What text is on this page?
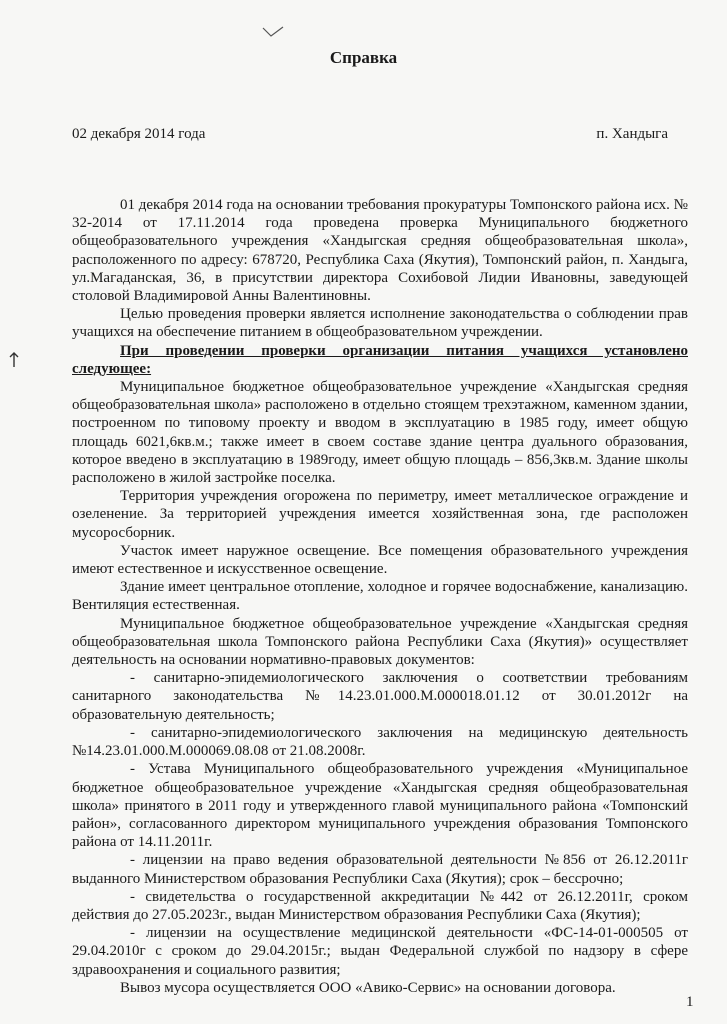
Справка
02 декабря 2014 года	п. Хандыга

01 декабря 2014 года на основании требования прокуратуры Томпонского района исх. № 32-2014 от 17.11.2014 года проведена проверка Муниципального бюджетного общеобразовательного учреждения «Хандыгская средняя общеобразовательная школа», расположенного по адресу: 678720, Республика Саха (Якутия), Томпонский район, п. Хандыга, ул.Магаданская, 36, в присутствии директора Сохибовой Лидии Ивановны, заведующей столовой Владимировой Анны Валентиновны.

Целью проведения проверки является исполнение законодательства о соблюдении прав учащихся на обеспечение питанием в общеобразовательном учреждении.

При проведении проверки организации питания учащихся установлено следующее:

Муниципальное бюджетное общеобразовательное учреждение «Хандыгская средняя общеобразовательная школа» расположено в отдельно стоящем трехэтажном, каменном здании, построенном по типовому проекту и вводом в эксплуатацию в 1985 году, имеет общую площадь 6021,6кв.м.; также имеет в своем составе здание центра дуального образования, которое введено в эксплуатацию в 1989году, имеет общую площадь – 856,3кв.м. Здание школы расположено в жилой застройке поселка.

Территория учреждения огорожена по периметру, имеет металлическое ограждение и озеленение. За территорией учреждения имеется хозяйственная зона, где расположен мусоросборник.

Участок имеет наружное освещение. Все помещения образовательного учреждения имеют естественное и искусственное освещение.

Здание имеет центральное отопление, холодное и горячее водоснабжение, канализацию. Вентиляция естественная.

Муниципальное бюджетное общеобразовательное учреждение «Хандыгская средняя общеобразовательная школа Томпонского района Республики Саха (Якутия)» осуществляет деятельность на основании нормативно-правовых документов:

- санитарно-эпидемиологического заключения о соответствии требованиям санитарного законодательства №14.23.01.000.М.000018.01.12 от 30.01.2012г на образовательную деятельность;

- санитарно-эпидемиологического заключения на медицинскую деятельность №14.23.01.000.М.000069.08.08 от 21.08.2008г.

- Устава Муниципального общеобразовательного учреждения «Муниципальное бюджетное общеобразовательное учреждение «Хандыгская средняя общеобразовательная школа» принятого в 2011 году и утвержденного главой муниципального района «Томпонский район», согласованного директором муниципального учреждения образования Томпонского района от 14.11.2011г.

- лицензии на право ведения образовательной деятельности №856 от 26.12.2011г выданного Министерством образования Республики Саха (Якутия); срок – бессрочно;

- свидетельства о государственной аккредитации №442 от 26.12.2011г, сроком действия до 27.05.2023г., выдан Министерством образования Республики Саха (Якутия);

- лицензии на осуществление медицинской деятельности «ФС-14-01-000505 от 29.04.2010г с сроком до 29.04.2015г.; выдан Федеральной службой по надзору в сфере здравоохранения и социального развития;

Вывоз мусора осуществляется ООО «Авико-Сервис» на основании договора.

1
